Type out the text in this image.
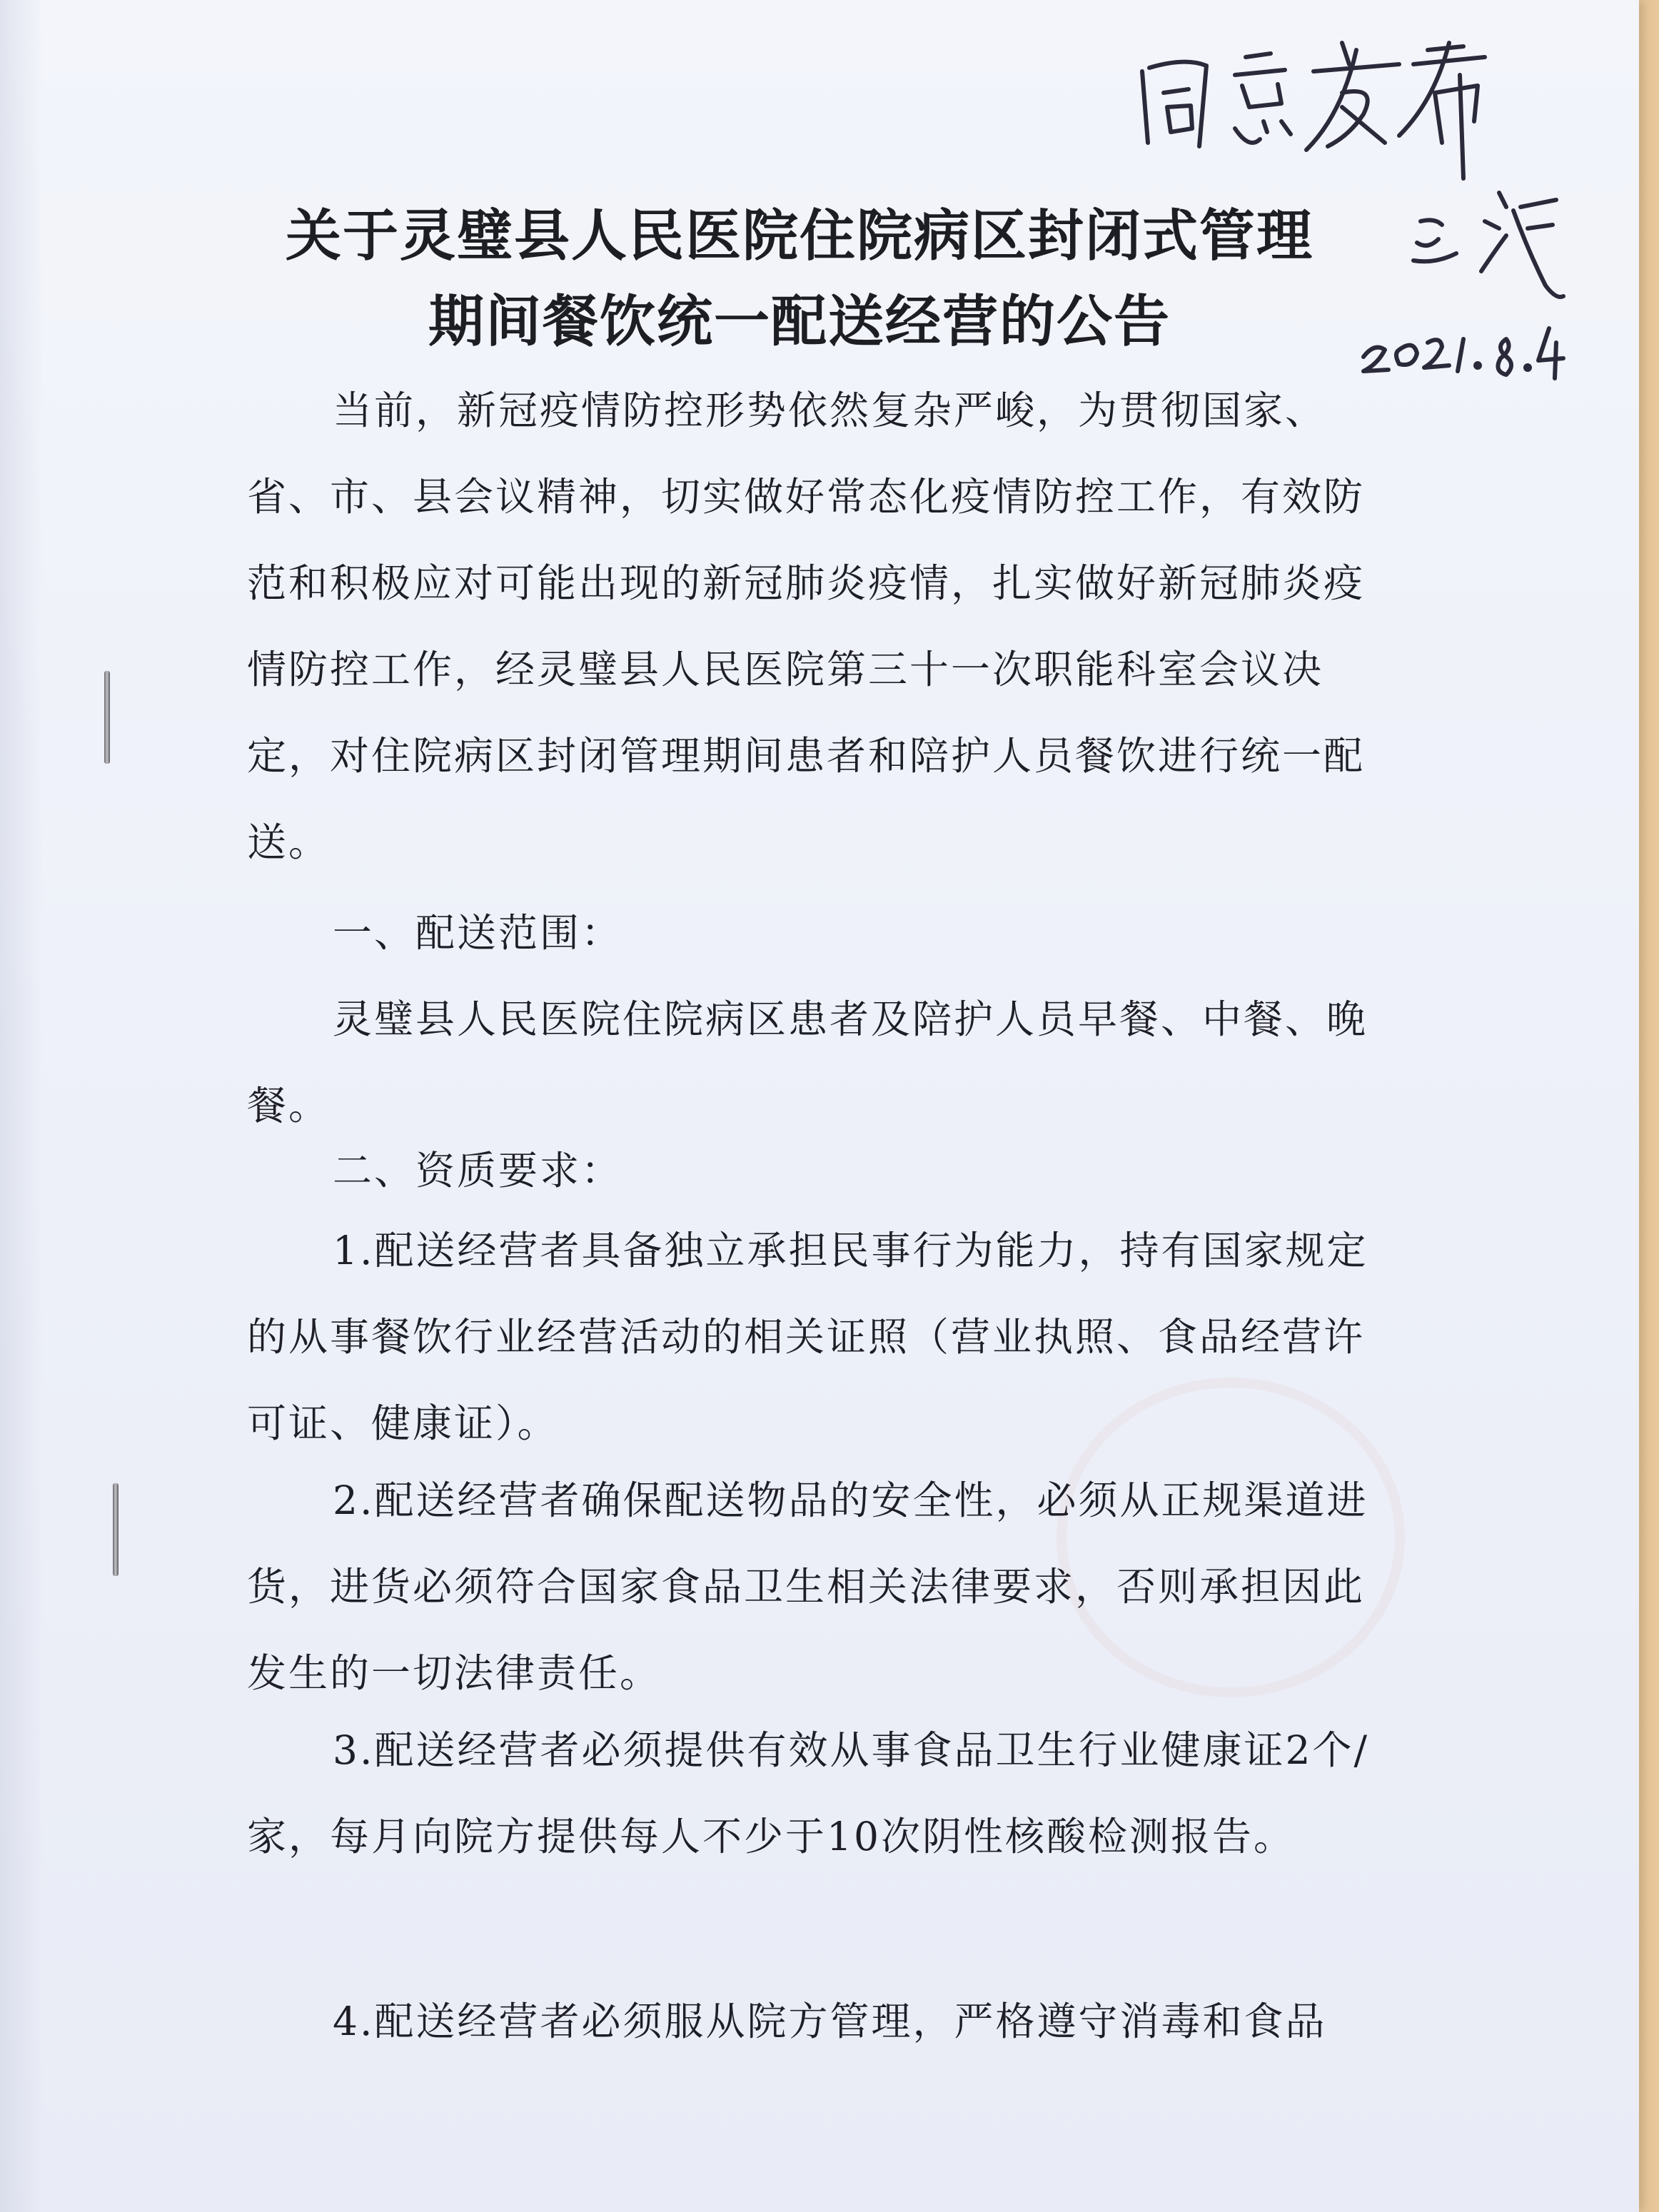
关于灵璧县人民医院住院病区封闭式管理
期间餐饮统一配送经营的公告
当前，新冠疫情防控形势依然复杂严峻，为贯彻国家、省、市、县会议精神，切实做好常态化疫情防控工作，有效防范和积极应对可能出现的新冠肺炎疫情，扎实做好新冠肺炎疫情防控工作，经灵璧县人民医院第三十一次职能科室会议决定，对住院病区封闭管理期间患者和陪护人员餐饮进行统一配送。
一、配送范围：
灵璧县人民医院住院病区患者及陪护人员早餐、中餐、晚餐。
二、资质要求：
1.配送经营者具备独立承担民事行为能力，持有国家规定的从事餐饮行业经营活动的相关证照（营业执照、食品经营许可证、健康证）。
2.配送经营者确保配送物品的安全性，必须从正规渠道进货，进货必须符合国家食品卫生相关法律要求，否则承担因此发生的一切法律责任。
3.配送经营者必须提供有效从事食品卫生行业健康证2个/家，每月向院方提供每人不少于10次阴性核酸检测报告。
4.配送经营者必须服从院方管理，严格遵守消毒和食品
